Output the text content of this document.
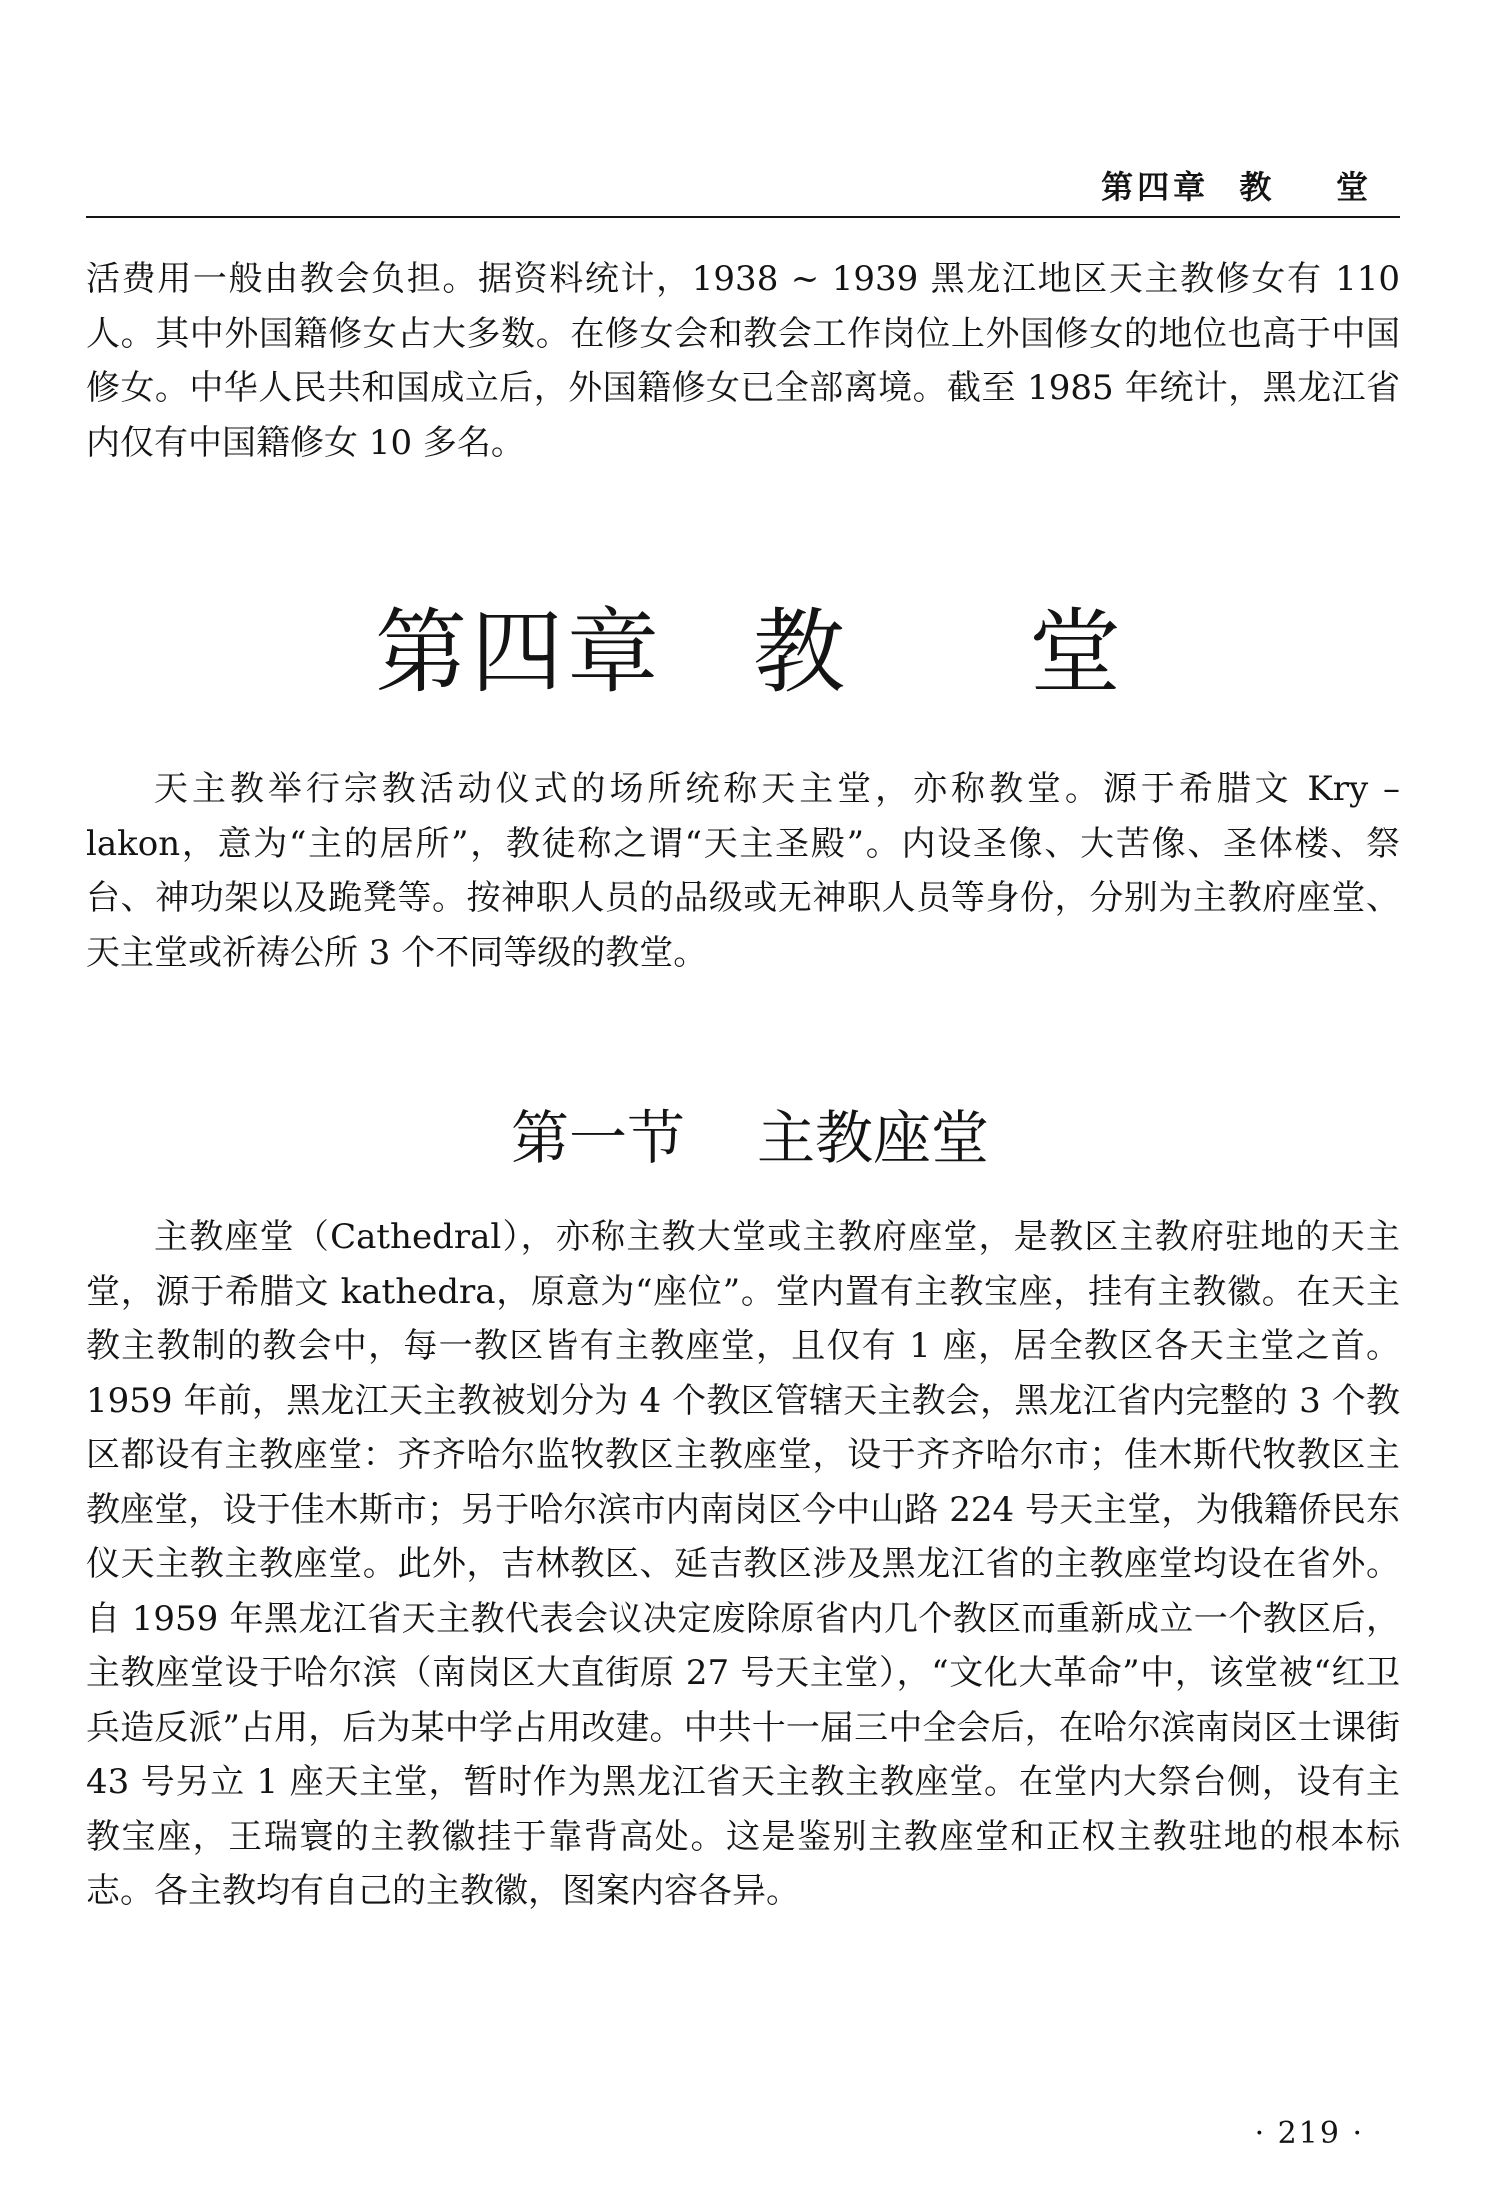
第四章  教    堂

活费用一般由教会负担。据资料统计，1938 ~ 1939 黑龙江地区天主教修女有 110 人。其中外国籍修女占大多数。在修女会和教会工作岗位上外国修女的地位也高于中国修女。中华人民共和国成立后，外国籍修女已全部离境。截至 1985 年统计，黑龙江省内仅有中国籍修女 10 多名。

第四章 教 堂

天主教举行宗教活动仪式的场所统称天主堂，亦称教堂。源于希腊文 Kry – lakon，意为“主的居所”，教徒称之谓“天主圣殿”。内设圣像、大苦像、圣体楼、祭台、神功架以及跪凳等。按神职人员的品级或无神职人员等身份，分别为主教府座堂、天主堂或祈祷公所 3 个不同等级的教堂。

第一节 主教座堂

主教座堂（Cathedral），亦称主教大堂或主教府座堂，是教区主教府驻地的天主堂，源于希腊文 kathedra，原意为“座位”。堂内置有主教宝座，挂有主教徽。在天主教主教制的教会中，每一教区皆有主教座堂，且仅有 1 座，居全教区各天主堂之首。1959 年前，黑龙江天主教被划分为 4 个教区管辖天主教会，黑龙江省内完整的 3 个教区都设有主教座堂：齐齐哈尔监牧教区主教座堂，设于齐齐哈尔市；佳木斯代牧教区主教座堂，设于佳木斯市；另于哈尔滨市内南岗区今中山路 224 号天主堂，为俄籍侨民东仪天主教主教座堂。此外，吉林教区、延吉教区涉及黑龙江省的主教座堂均设在省外。自 1959 年黑龙江省天主教代表会议决定废除原省内几个教区而重新成立一个教区后，主教座堂设于哈尔滨（南岗区大直街原 27 号天主堂），“文化大革命”中，该堂被“红卫兵造反派”占用，后为某中学占用改建。中共十一届三中全会后，在哈尔滨南岗区士课街 43 号另立 1 座天主堂，暂时作为黑龙江省天主教主教座堂。在堂内大祭台侧，设有主教宝座，王瑞寰的主教徽挂于靠背高处。这是鉴别主教座堂和正权主教驻地的根本标志。各主教均有自己的主教徽，图案内容各异。

· 219 ·
